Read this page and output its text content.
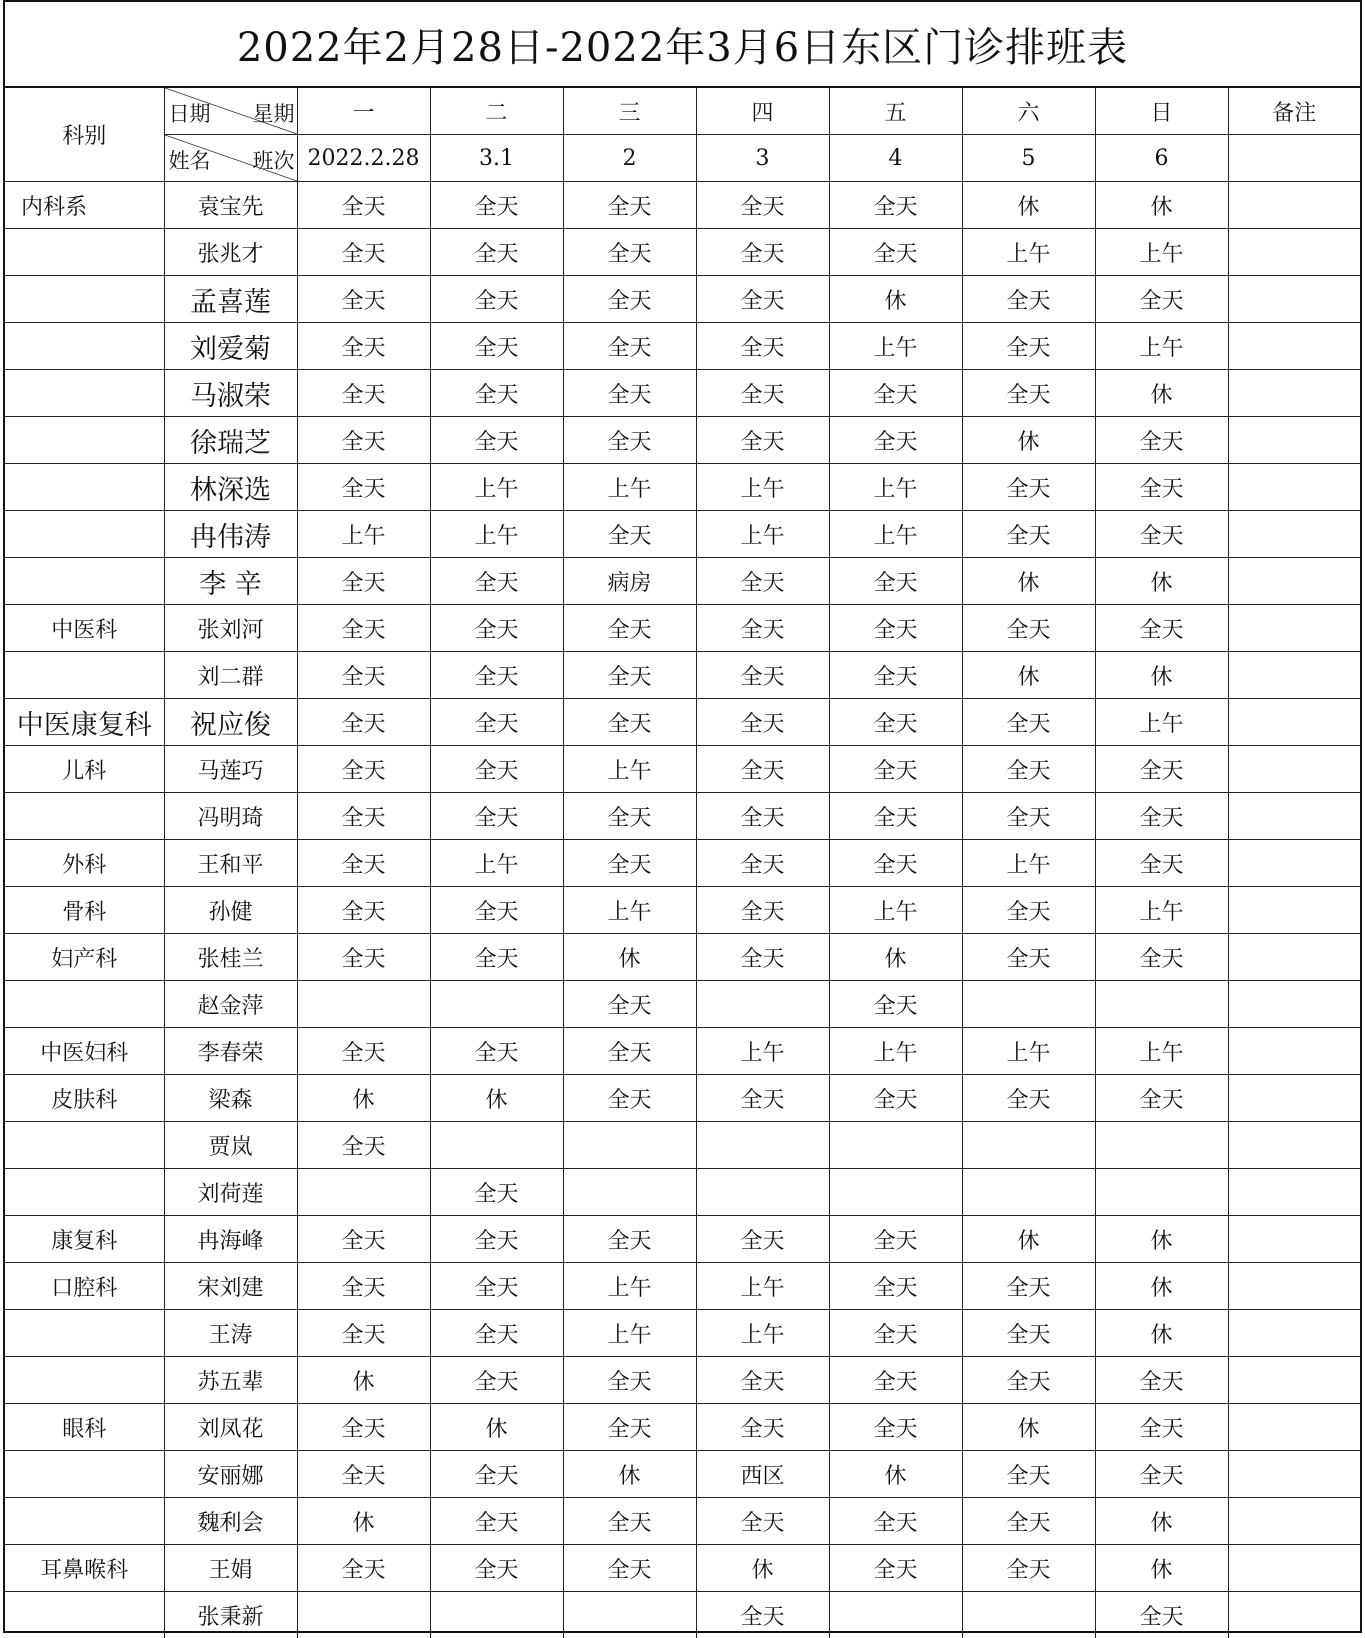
2022年2月28日-2022年3月6日东区门诊排班表
科别	日期 星期	一	二	三	四	五	六	日	备注

	姓名 班次	2022.2.28	3.1	2	3	4	5	6	
内科系	袁宝先	全天	全天	全天	全天	全天	休	休	
	张兆才	全天	全天	全天	全天	全天	上午	上午	
	孟喜莲	全天	全天	全天	全天	休	全天	全天	
	刘爱菊	全天	全天	全天	全天	上午	全天	上午	
	马淑荣	全天	全天	全天	全天	全天	全天	休	
	徐瑞芝	全天	全天	全天	全天	全天	休	全天	
	林深选	全天	上午	上午	上午	上午	全天	全天	
	冉伟涛	上午	上午	全天	上午	上午	全天	全天	
	李 辛	全天	全天	病房	全天	全天	休	休	
中医科	张刘河	全天	全天	全天	全天	全天	全天	全天	
	刘二群	全天	全天	全天	全天	全天	休	休	
中医康复科	祝应俊	全天	全天	全天	全天	全天	全天	上午	
儿科	马莲巧	全天	全天	上午	全天	全天	全天	全天	
	冯明琦	全天	全天	全天	全天	全天	全天	全天	
外科	王和平	全天	上午	全天	全天	全天	上午	全天	
骨科	孙健	全天	全天	上午	全天	上午	全天	上午	
妇产科	张桂兰	全天	全天	休	全天	休	全天	全天	
	赵金萍			全天		全天			
中医妇科	李春荣	全天	全天	全天	上午	上午	上午	上午	
皮肤科	梁森	休	休	全天	全天	全天	全天	全天	
	贾岚	全天							
	刘荷莲		全天						
康复科	冉海峰	全天	全天	全天	全天	全天	休	休	
口腔科	宋刘建	全天	全天	上午	上午	全天	全天	休	
	王涛	全天	全天	上午	上午	全天	全天	休	
	苏五辈	休	全天	全天	全天	全天	全天	全天	
眼科	刘凤花	全天	休	全天	全天	全天	休	全天	
	安丽娜	全天	全天	休	西区	休	全天	全天	
	魏利会	休	全天	全天	全天	全天	全天	休	
耳鼻喉科	王娟	全天	全天	全天	休	全天	全天	休	
	张秉新				全天			全天	
